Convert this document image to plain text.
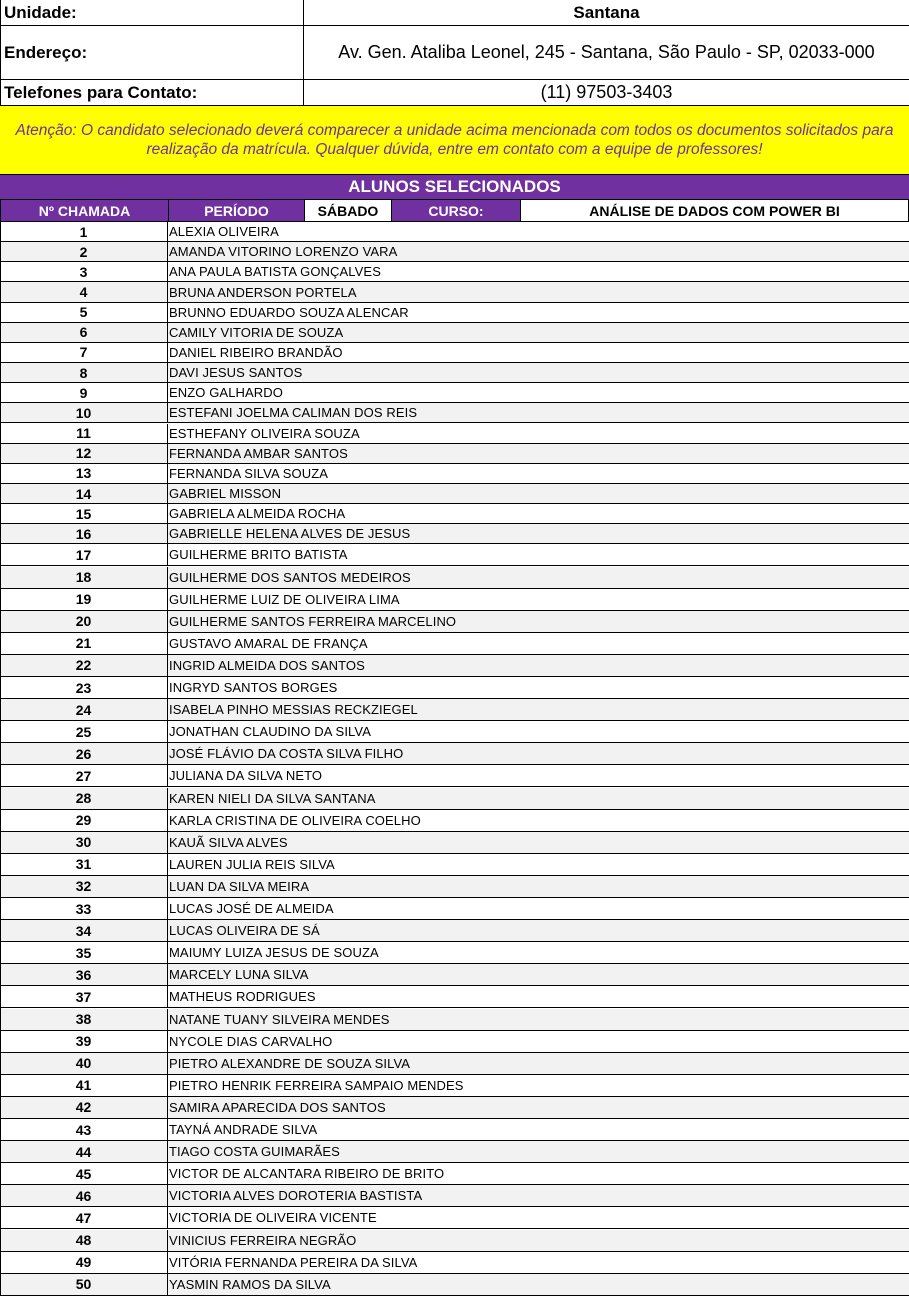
Unidade:	Santana
Endereço:	Av. Gen. Ataliba Leonel, 245 - Santana, São Paulo - SP, 02033-000
Telefones para Contato:	(11) 97503-3403
Atenção: O candidato selecionado deverá comparecer a unidade acima mencionada com todos os documentos solicitados para realização da matrícula. Qualquer dúvida, entre em contato com a equipe de professores!
ALUNOS SELECIONADOS
Nº CHAMADA	PERÍODO	SÁBADO	CURSO:	ANÁLISE DE DADOS COM POWER BI
1	ALEXIA OLIVEIRA
2	AMANDA VITORINO LORENZO VARA
3	ANA PAULA BATISTA GONÇALVES
4	BRUNA ANDERSON PORTELA
5	BRUNNO EDUARDO SOUZA ALENCAR
6	CAMILY VITORIA DE SOUZA
7	DANIEL RIBEIRO BRANDÃO
8	DAVI JESUS SANTOS
9	ENZO GALHARDO
10	ESTEFANI JOELMA CALIMAN DOS REIS
11	ESTHEFANY OLIVEIRA SOUZA
12	FERNANDA AMBAR SANTOS
13	FERNANDA SILVA SOUZA
14	GABRIEL MISSON
15	GABRIELA ALMEIDA ROCHA
16	GABRIELLE HELENA ALVES DE JESUS
17	GUILHERME BRITO BATISTA
18	GUILHERME DOS SANTOS MEDEIROS
19	GUILHERME LUIZ DE OLIVEIRA LIMA
20	GUILHERME SANTOS FERREIRA MARCELINO
21	GUSTAVO AMARAL DE FRANÇA
22	INGRID ALMEIDA DOS SANTOS
23	INGRYD SANTOS BORGES
24	ISABELA PINHO MESSIAS RECKZIEGEL
25	JONATHAN CLAUDINO DA SILVA
26	JOSÉ FLÁVIO DA COSTA SILVA FILHO
27	JULIANA DA SILVA NETO
28	KAREN NIELI DA SILVA SANTANA
29	KARLA CRISTINA DE OLIVEIRA COELHO
30	KAUÃ SILVA ALVES
31	LAUREN JULIA REIS SILVA
32	LUAN DA SILVA MEIRA
33	LUCAS JOSÉ DE ALMEIDA
34	LUCAS OLIVEIRA DE SÁ
35	MAIUMY LUIZA JESUS DE SOUZA
36	MARCELY LUNA SILVA
37	MATHEUS RODRIGUES
38	NATANE TUANY SILVEIRA MENDES
39	NYCOLE DIAS CARVALHO
40	PIETRO ALEXANDRE DE SOUZA SILVA
41	PIETRO HENRIK FERREIRA SAMPAIO MENDES
42	SAMIRA APARECIDA DOS SANTOS
43	TAYNÁ ANDRADE SILVA
44	TIAGO COSTA GUIMARÃES
45	VICTOR DE ALCANTARA RIBEIRO DE BRITO
46	VICTORIA ALVES DOROTERIA BASTISTA
47	VICTORIA DE OLIVEIRA VICENTE
48	VINICIUS FERREIRA NEGRÃO
49	VITÓRIA FERNANDA PEREIRA DA SILVA
50	YASMIN RAMOS DA SILVA
